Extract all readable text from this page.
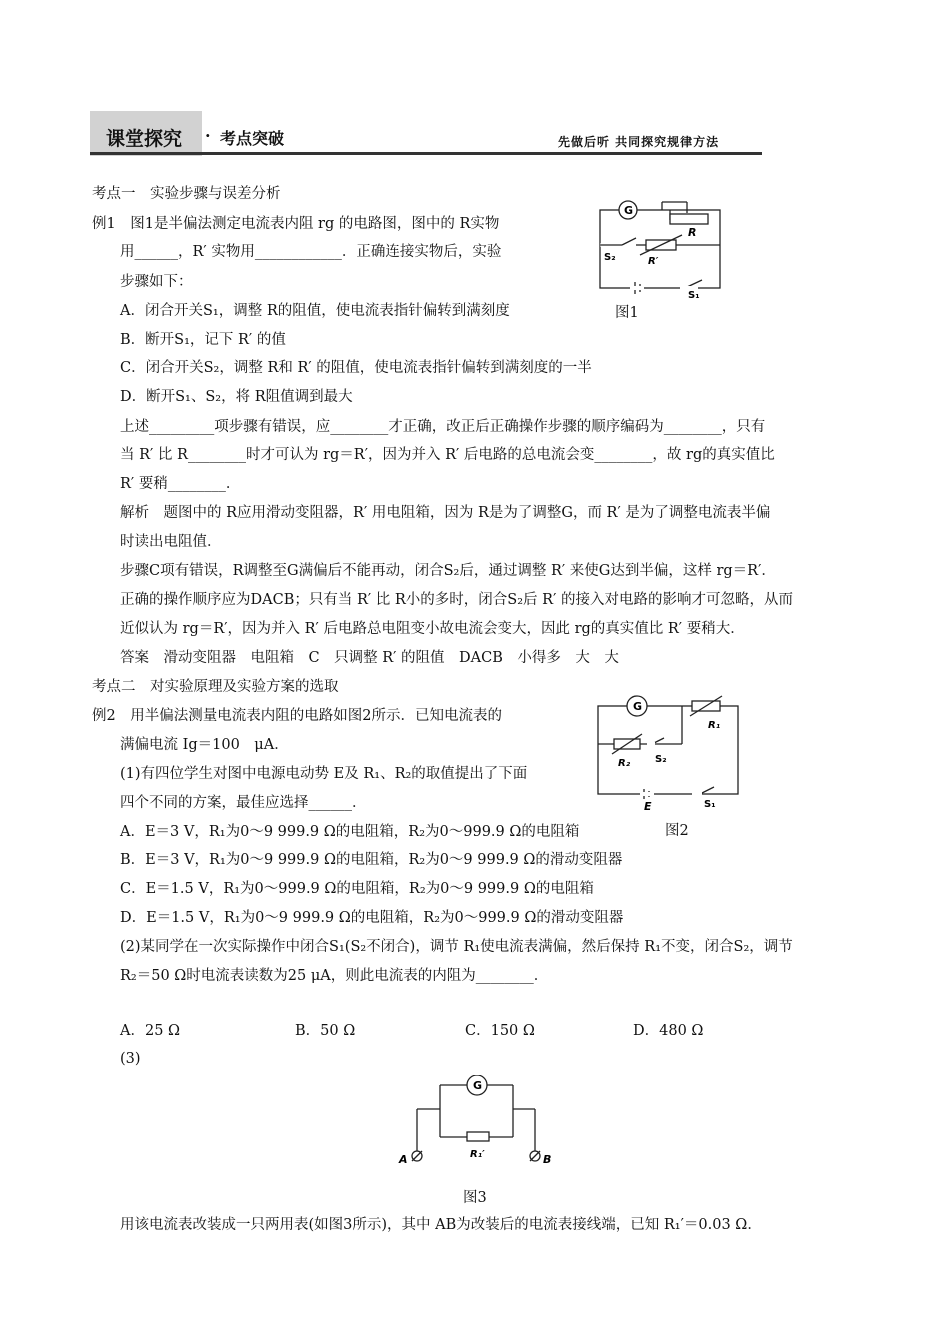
课堂探究 · 考点突破	先做后听 共同探究规律方法
考点一　实验步骤与误差分析
例1　图1是半偏法测定电流表内阻 rg 的电路图，图中的 R实物
用______，R′ 实物用____________．正确连接实物后，实验
步骤如下：
A．闭合开关S₁，调整 R的阻值，使电流表指针偏转到满刻度
B．断开S₁，记下 R′ 的值
C．闭合开关S₂，调整 R和 R′ 的阻值，使电流表指针偏转到满刻度的一半
D．断开S₁、S₂，将 R阻值调到最大
上述_________项步骤有错误，应________才正确，改正后正确操作步骤的顺序编码为________，只有
当 R′ 比 R________时才可认为 rg＝R′，因为并入 R′ 后电路的总电流会变________，故 rg的真实值比
R′ 要稍________．
解析　题图中的 R应用滑动变阻器，R′ 用电阻箱，因为 R是为了调整G，而 R′ 是为了调整电流表半偏
时读出电阻值．
步骤C项有错误，R调整至G满偏后不能再动，闭合S₂后，通过调整 R′ 来使G达到半偏，这样 rg＝R′．
正确的操作顺序应为DACB；只有当 R′ 比 R小的多时，闭合S₂后 R′ 的接入对电路的影响才可忽略，从而
近似认为 rg＝R′，因为并入 R′ 后电路总电阻变小故电流会变大，因此 rg的真实值比 R′ 要稍大．
答案　滑动变阻器　电阻箱　C　只调整 R′ 的阻值　DACB　小得多　大　大
考点二　对实验原理及实验方案的选取
例2　用半偏法测量电流表内阻的电路如图2所示．已知电流表的
满偏电流 Ig＝100　μA．
(1)有四位学生对图中电源电动势 E及 R₁、R₂的取值提出了下面
四个不同的方案，最佳应选择______．
A．E＝3 V，R₁为0～9 999.9 Ω的电阻箱，R₂为0～999.9 Ω的电阻箱
B．E＝3 V，R₁为0～9 999.9 Ω的电阻箱，R₂为0～9 999.9 Ω的滑动变阻器
C．E＝1.5 V，R₁为0～999.9 Ω的电阻箱，R₂为0～9 999.9 Ω的电阻箱
D．E＝1.5 V，R₁为0～9 999.9 Ω的电阻箱，R₂为0～999.9 Ω的滑动变阻器
(2)某同学在一次实际操作中闭合S₁(S₂不闭合)，调节 R₁使电流表满偏，然后保持 R₁不变，闭合S₂，调节
R₂＝50 Ω时电流表读数为25 μA，则此电流表的内阻为________．
A．25 Ω	B．50 Ω	C．150 Ω	D．480 Ω
(3)
用该电流表改装成一只两用表(如图3所示)，其中 AB为改装后的电流表接线端，已知 R₁′＝0.03 Ω．
G
R
S₂	R′
S₁
图1
G
R₁
R₂ S₂
E	S₁
图2
G
R₁′
A	B
图3
